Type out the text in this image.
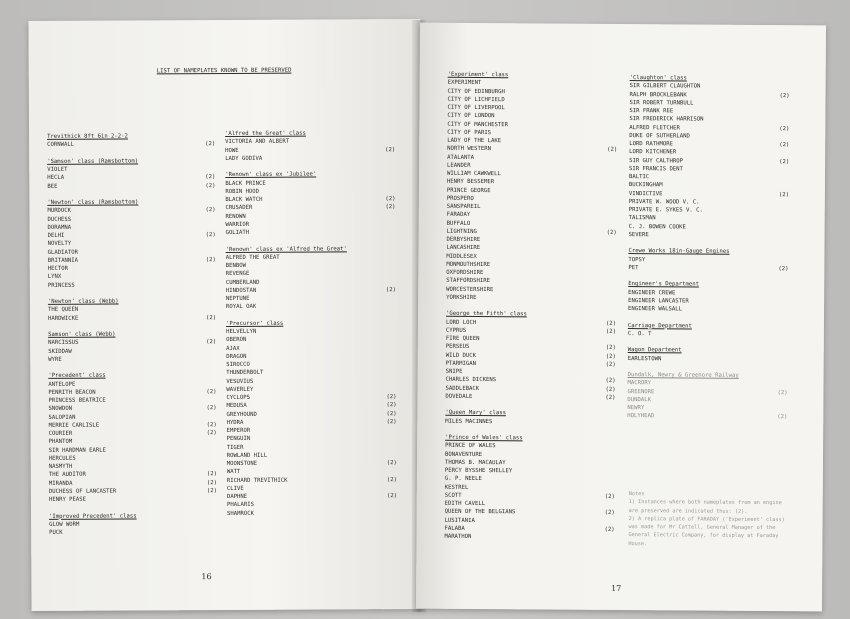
LIST OF NAMEPLATES KNOWN TO BE PRESERVED
Trevithick 8ft 6in 2-2-2
CORNWALL	(2)
'Samson' class (Ramsbottom)
VIOLET
HECLA	(2)
BEE	(2)
'Newton' class (Ramsbottom)
MURDOCK	(2)
DUCHESS
DORAMNA
DELHI	(2)
NOVELTY
GLADIATOR
BRITANNIA	(2)
HECTOR
LYNX
PRINCESS
'Newton' class (Webb)
THE QUEEN
HARDWICKE	(2)
Samson' class (Webb)
NARCISSUS	(2)
SKIDDAW
WYRE
'Precedent' class
ANTELOPE
PENRITH BEACON	(2)
PRINCESS BEATRICE
SNOWDON	(2)
SALOPIAN
MERRIE CARLISLE	(2)
COURIER	(2)
PHANTOM
SIR HARDMAN EARLE
HERCULES
NASMYTH
THE AUDITOR	(2)
MIRANDA	(2)
DUCHESS OF LANCASTER	(2)
HENRY PEASE
'Improved Precedent' class
GLOW WORM
PUCK
'Alfred the Great' class
VICTORIA AND ALBERT
HOWE	(2)
LADY GODIVA
'Renown' class ex 'Jubilee'
BLACK PRINCE
ROBIN HOOD
BLACK WATCH	(2)
CRUSADER	(2)
RENOWN
WARRIOR
GOLIATH
'Renown' class ex 'Alfred the Great'
ALFRED THE GREAT
BENBOW
REVENGE
CUMBERLAND
HINDOSTAN	(2)
NEPTUNE
ROYAL OAK
'Precursor' class
HELVELLYN
OBERON
AJAX
DRAGON
SIROCCO
THUNDERBOLT
VESUVIUS
WAVERLEY
CYCLOPS	(2)
MEDUSA	(2)
GREYHOUND	(2)
HYDRA	(2)
EMPEROR
PENGUIN
TIGER
ROWLAND HILL
MOONSTONE	(2)
WATT
RICHARD TREVITHICK	(2)
CLIVE
DAPHNE	(2)
PHALARIS
SHAMROCK
16
'Experiment' class
EXPERIMENT
CITY OF EDINBURGH
CITY OF LICHFIELD
CITY OF LIVERPOOL
CITY OF LONDON
CITY OF MANCHESTER
CITY OF PARIS
LADY OF THE LAKE
NORTH WESTERN	(2)
ATALANTA
LEANDER
WILLIAM CAWKWELL
HENRY BESSEMER
PRINCE GEORGE
PROSPERO
SANSPAREIL
FARADAY
BUFFALO
LIGHTNING	(2)
DERBYSHIRE
LANCASHIRE
MIDDLESEX
MONMOUTHSHIRE
OXFORDSHIRE
STAFFORDSHIRE
WORCESTERSHIRE
YORKSHIRE
'George the Fifth' class
LORD LOCH	(2)
CYPRUS	(2)
FIRE QUEEN
PERSEUS	(2)
WILD DUCK	(2)
PTARMIGAN	(2)
SNIPE
CHARLES DICKENS	(2)
SADDLEBACK	(2)
DOVEDALE	(2)
'Queen Mary' class
MILES MACINNES
'Prince of Wales' class
PRINCE OF WALES
BONAVENTURE
THOMAS B. MACAULAY
PERCY BYSSHE SHELLEY
G. P. NEELE
KESTREL
SCOTT	(2)
EDITH CAVELL
QUEEN OF THE BELGIANS	(2)
LUSITANIA
FALABA	(2)
MARATHON
'Claughton' class
SIR GILBERT CLAUGHTON
RALPH BROCKLEBANK	(2)
SIR ROBERT TURNBULL
SIR FRANK REE
SIR FREDERICK HARRISON
ALFRED FLETCHER	(2)
DUKE OF SUTHERLAND
LORD RATHMORE	(2)
LORD KITCHENER
SIR GUY CALTHROP	(2)
SIR FRANCIS DENT
BALTIC
BUCKINGHAM
VINDICTIVE	(2)
PRIVATE W. WOOD V. C.
PRIVATE E. SYKES V. C.
TALISMAN
C. J. BOWEN COOKE
SEVERE
Crewe Works 18in-Gauge Engines
TOPSY
PET	(2)
Engineer's Department
ENGINEER CREWE
ENGINEER LANCASTER
ENGINEER WALSALL
Carriage Department
C. O. T
Wagon Department
EARLESTOWN
Dundalk, Newry & Greenore Railway
MACRORY
GREENORE	(2)
DUNDALK
NEWRY
HOLYHEAD	(2)
Notes
1) Instances where both nameplates from an engine
are preserved are indicated thus: (2).
2) A replica plate of FARADAY ('Experiment' class)
was made for Mr Cattell, General Manager of the
General Electric Company, for display at Faraday
House.
17
